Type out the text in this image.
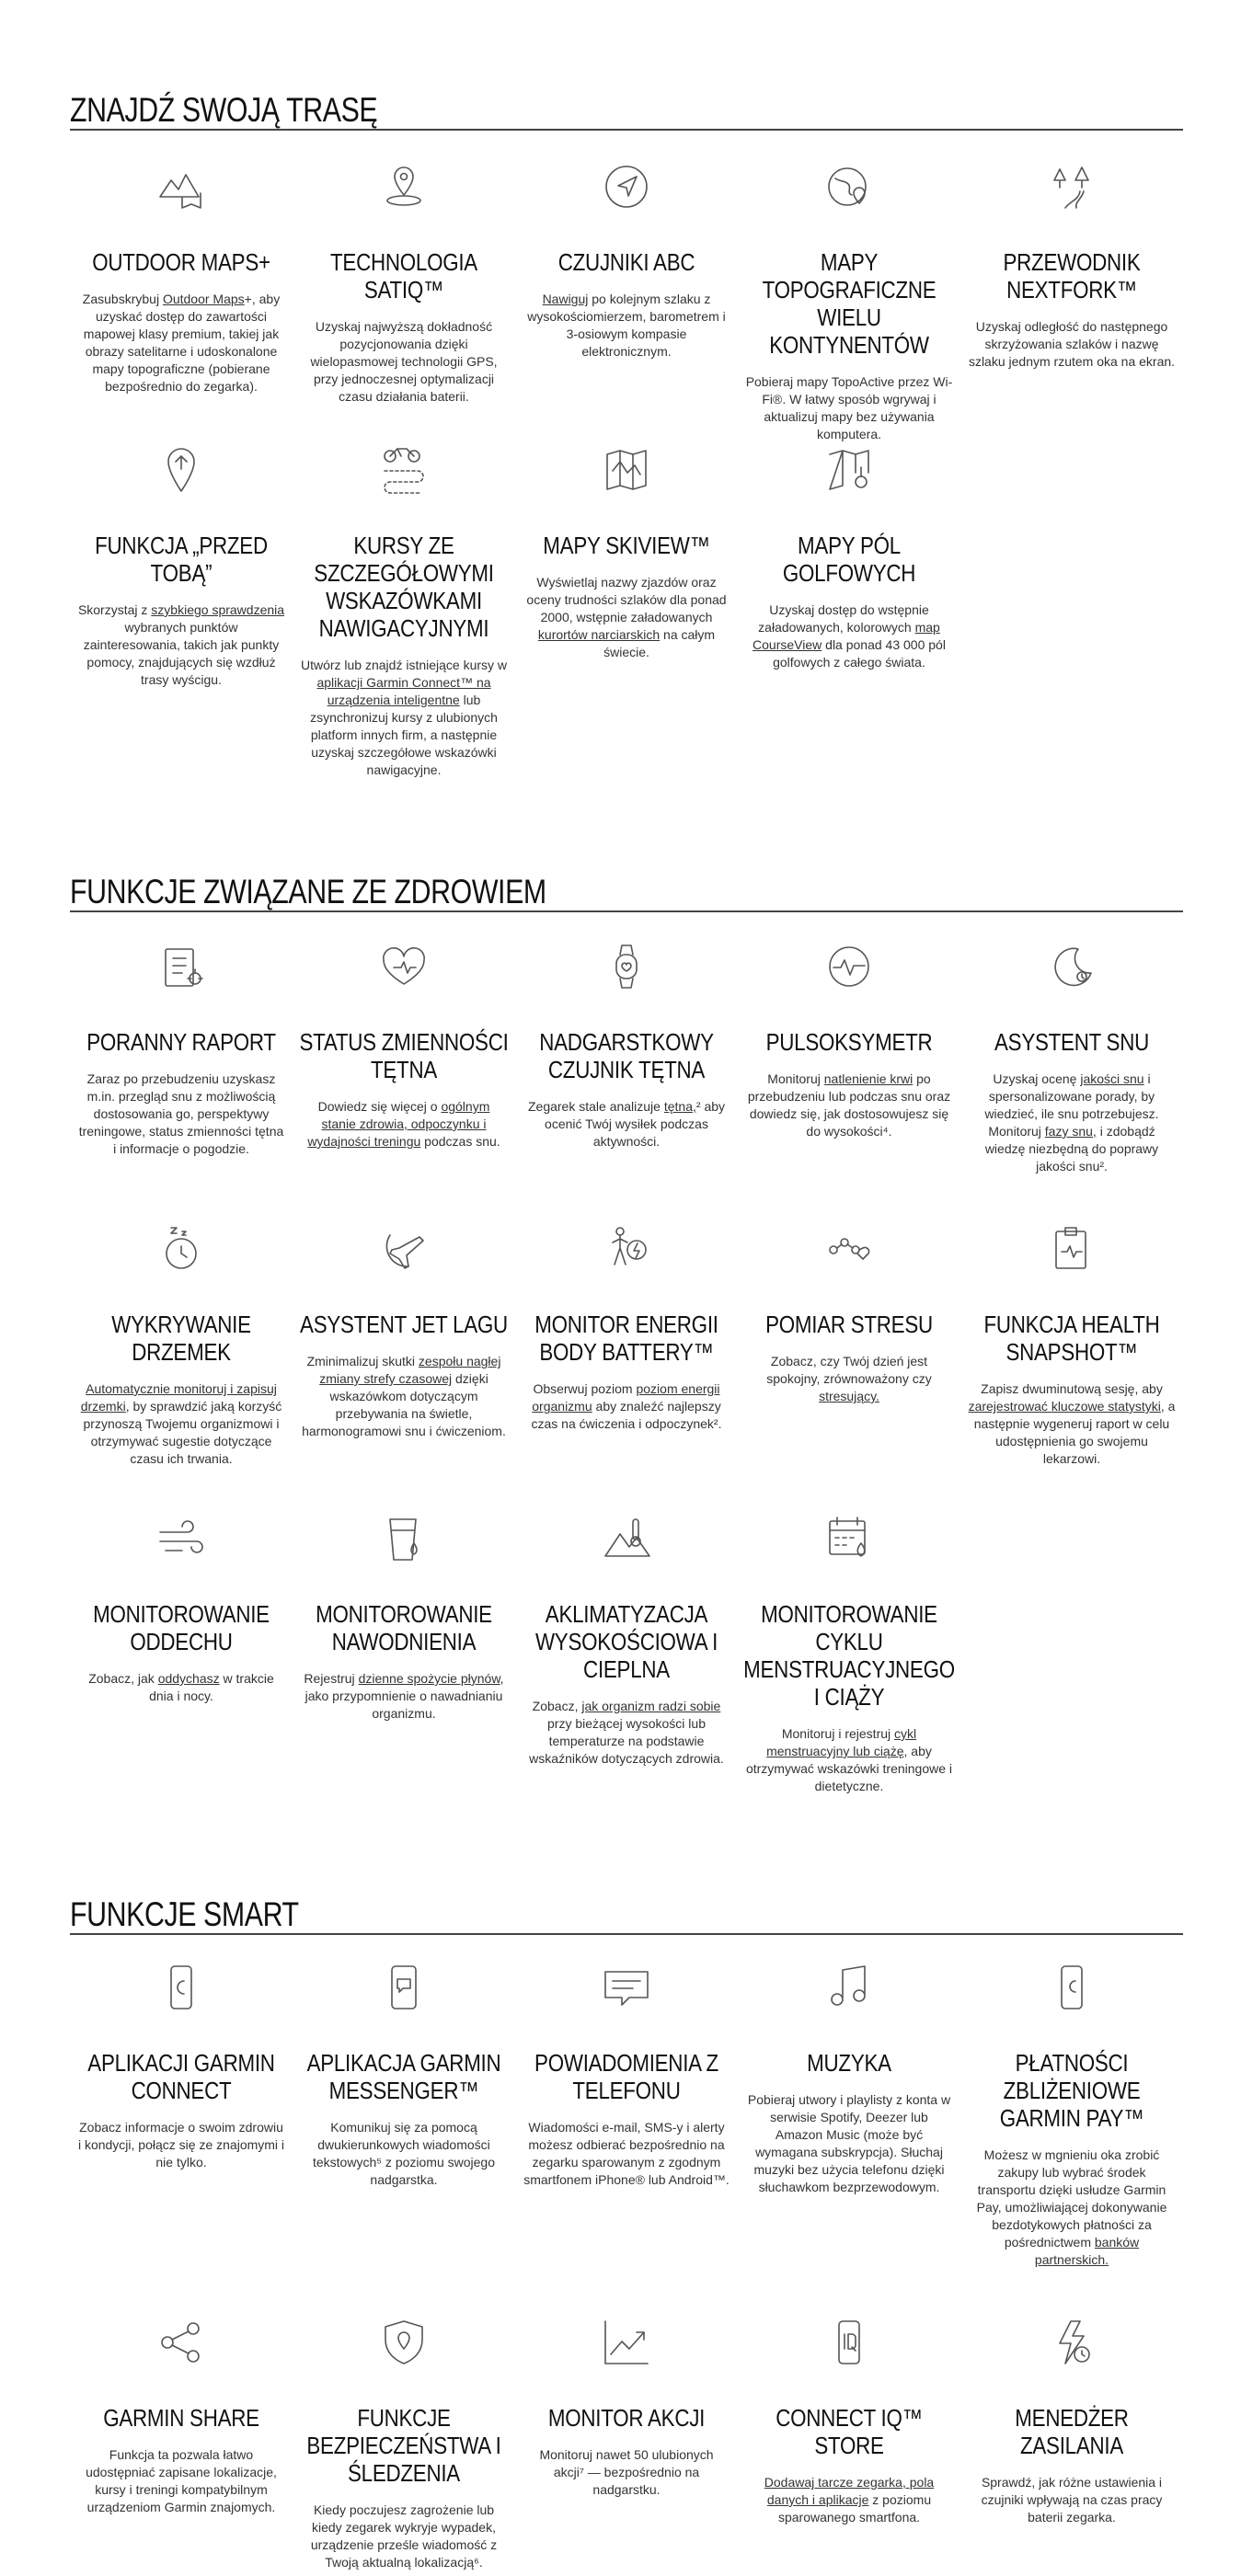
ZNAJDŹ SWOJĄ TRASĘ
FUNKCJE ZWIĄZANE ZE ZDROWIEM
FUNKCJE SMART
OUTDOOR MAPS+
Zasubskrybuj Outdoor Maps+, aby uzyskać dostęp do zawartości mapowej klasy premium, takiej jak obrazy satelitarne i udoskonalone mapy topograficzne (pobierane bezpośrednio do zegarka).
TECHNOLOGIA SATIQ™
Uzyskaj najwyższą dokładność pozycjonowania dzięki wielopasmowej technologii GPS, przy jednoczesnej optymalizacji czasu działania baterii.
CZUJNIKI ABC
Nawiguj po kolejnym szlaku z wysokościomierzem, barometrem i 3-osiowym kompasie elektronicznym.
MAPY TOPOGRAFICZNE WIELU KONTYNENTÓW
Pobieraj mapy TopoActive przez Wi-Fi®. W łatwy sposób wgrywaj i aktualizuj mapy bez używania komputera.
PRZEWODNIK NEXTFORK™
Uzyskaj odległość do następnego skrzyżowania szlaków i nazwę szlaku jednym rzutem oka na ekran.
FUNKCJA „PRZED TOBĄ”
Skorzystaj z szybkiego sprawdzenia wybranych punktów zainteresowania, takich jak punkty pomocy, znajdujących się wzdłuż trasy wyścigu.
KURSY ZE SZCZEGÓŁOWYMI WSKAZÓWKAMI NAWIGACYJNYMI
Utwórz lub znajdź istniejące kursy w aplikacji Garmin Connect™ na urządzenia inteligentne lub zsynchronizuj kursy z ulubionych platform innych firm, a następnie uzyskaj szczegółowe wskazówki nawigacyjne.
MAPY SKIVIEW™
Wyświetlaj nazwy zjazdów oraz oceny trudności szlaków dla ponad 2000, wstępnie załadowanych kurortów narciarskich na całym świecie.
MAPY PÓL GOLFOWYCH
Uzyskaj dostęp do wstępnie załadowanych, kolorowych map CourseView dla ponad 43 000 pól golfowych z całego świata.
PORANNY RAPORT
Zaraz po przebudzeniu uzyskasz m.in. przegląd snu z możliwością dostosowania go, perspektywy treningowe, status zmienności tętna i informacje o pogodzie.
STATUS ZMIENNOŚCI TĘTNA
Dowiedz się więcej o ogólnym stanie zdrowia, odpoczynku i wydajności treningu podczas snu.
NADGARSTKOWY CZUJNIK TĘTNA
Zegarek stale analizuje tętna,² aby ocenić Twój wysiłek podczas aktywności.
PULSOKSYMETR
Monitoruj natlenienie krwi po przebudzeniu lub podczas snu oraz dowiedz się, jak dostosowujesz się do wysokości⁴.
ASYSTENT SNU
Uzyskaj ocenę jakości snu i spersonalizowane porady, by wiedzieć, ile snu potrzebujesz. Monitoruj fazy snu, i zdobądź wiedzę niezbędną do poprawy jakości snu².
WYKRYWANIE DRZEMEK
Automatycznie monitoruj i zapisuj drzemki, by sprawdzić jaką korzyść przynoszą Twojemu organizmowi i otrzymywać sugestie dotyczące czasu ich trwania.
ASYSTENT JET LAGU
Zminimalizuj skutki zespołu nagłej zmiany strefy czasowej dzięki wskazówkom dotyczącym przebywania na świetle, harmonogramowi snu i ćwiczeniom.
MONITOR ENERGII BODY BATTERY™
Obserwuj poziom poziom energii organizmu aby znaleźć najlepszy czas na ćwiczenia i odpoczynek².
POMIAR STRESU
Zobacz, czy Twój dzień jest spokojny, zrównoważony czy stresujący.
FUNKCJA HEALTH SNAPSHOT™
Zapisz dwuminutową sesję, aby zarejestrować kluczowe statystyki, a następnie wygeneruj raport w celu udostępnienia go swojemu lekarzowi.
MONITOROWANIE ODDECHU
Zobacz, jak oddychasz w trakcie dnia i nocy.
MONITOROWANIE NAWODNIENIA
Rejestruj dzienne spożycie płynów, jako przypomnienie o nawadnianiu organizmu.
AKLIMATYZACJA WYSOKOŚCIOWA I CIEPLNA
Zobacz, jak organizm radzi sobie przy bieżącej wysokości lub temperaturze na podstawie wskaźników dotyczących zdrowia.
MONITOROWANIE CYKLU MENSTRUACYJNEGO I CIĄŻY
Monitoruj i rejestruj cykl menstruacyjny lub ciążę, aby otrzymywać wskazówki treningowe i dietetyczne.
APLIKACJI GARMIN CONNECT
Zobacz informacje o swoim zdrowiu i kondycji, połącz się ze znajomymi i nie tylko.
APLIKACJA GARMIN MESSENGER™
Komunikuj się za pomocą dwukierunkowych wiadomości tekstowych⁵ z poziomu swojego nadgarstka.
POWIADOMIENIA Z TELEFONU
Wiadomości e-mail, SMS-y i alerty możesz odbierać bezpośrednio na zegarku sparowanym z zgodnym smartfonem iPhone® lub Android™.
MUZYKA
Pobieraj utwory i playlisty z konta w serwisie Spotify, Deezer lub Amazon Music (może być wymagana subskrypcja). Słuchaj muzyki bez użycia telefonu dzięki słuchawkom bezprzewodowym.
PŁATNOŚCI ZBLIŻENIOWE GARMIN PAY™
Możesz w mgnieniu oka zrobić zakupy lub wybrać środek transportu dzięki usłudze Garmin Pay, umożliwiającej dokonywanie bezdotykowych płatności za pośrednictwem banków partnerskich.
GARMIN SHARE
Funkcja ta pozwala łatwo udostępniać zapisane lokalizacje, kursy i treningi kompatybilnym urządzeniom Garmin znajomych.
FUNKCJE BEZPIECZEŃSTWA I ŚLEDZENIA
Kiedy poczujesz zagrożenie lub kiedy zegarek wykryje wypadek, urządzenie prześle wiadomość z Twoją aktualną lokalizacją⁶.
MONITOR AKCJI
Monitoruj nawet 50 ulubionych akcji⁷ — bezpośrednio na nadgarstku.
CONNECT IQ™ STORE
Dodawaj tarcze zegarka, pola danych i aplikacje z poziomu sparowanego smartfona.
MENEDŻER ZASILANIA
Sprawdź, jak różne ustawienia i czujniki wpływają na czas pracy baterii zegarka.
